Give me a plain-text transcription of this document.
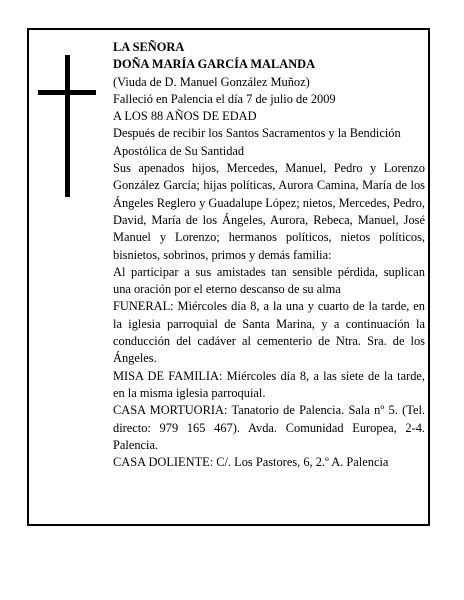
LA SEÑORA

DOÑA MARÍA GARCÍA MALANDA

(Viuda de D. Manuel González Muñoz)

Falleció en Palencia el día 7 de julio de 2009

A LOS 88 AÑOS DE EDAD

Después de recibir los Santos Sacramentos y la Bendición Apostólica de Su Santidad

Sus apenados hijos, Mercedes, Manuel, Pedro y Lorenzo González García; hijas políticas, Aurora Camina, María de los Ángeles Reglero y Guadalupe López; nietos, Mercedes, Pedro, David, María de los Ángeles, Aurora, Rebeca, Manuel, José Manuel y Lorenzo; hermanos políticos, nietos políticos, bisnietos, sobrinos, primos y demás familia:

Al participar a sus amistades tan sensible pérdida, suplican una oración por el eterno descanso de su alma

FUNERAL: Miércoles día 8, a la una y cuarto de la tarde, en la iglesia parroquial de Santa Marina, y a continuación la conducción del cadáver al cementerio de Ntra. Sra. de los Ángeles.

MISA DE FAMILIA: Miércoles día 8, a las siete de la tarde, en la misma iglesia parroquial.

CASA MORTUORIA: Tanatorio de Palencia. Sala nº 5. (Tel. directo: 979 165 467). Avda. Comunidad Europea, 2-4. Palencia.

CASA DOLIENTE: C/. Los Pastores, 6, 2.º A. Palencia
